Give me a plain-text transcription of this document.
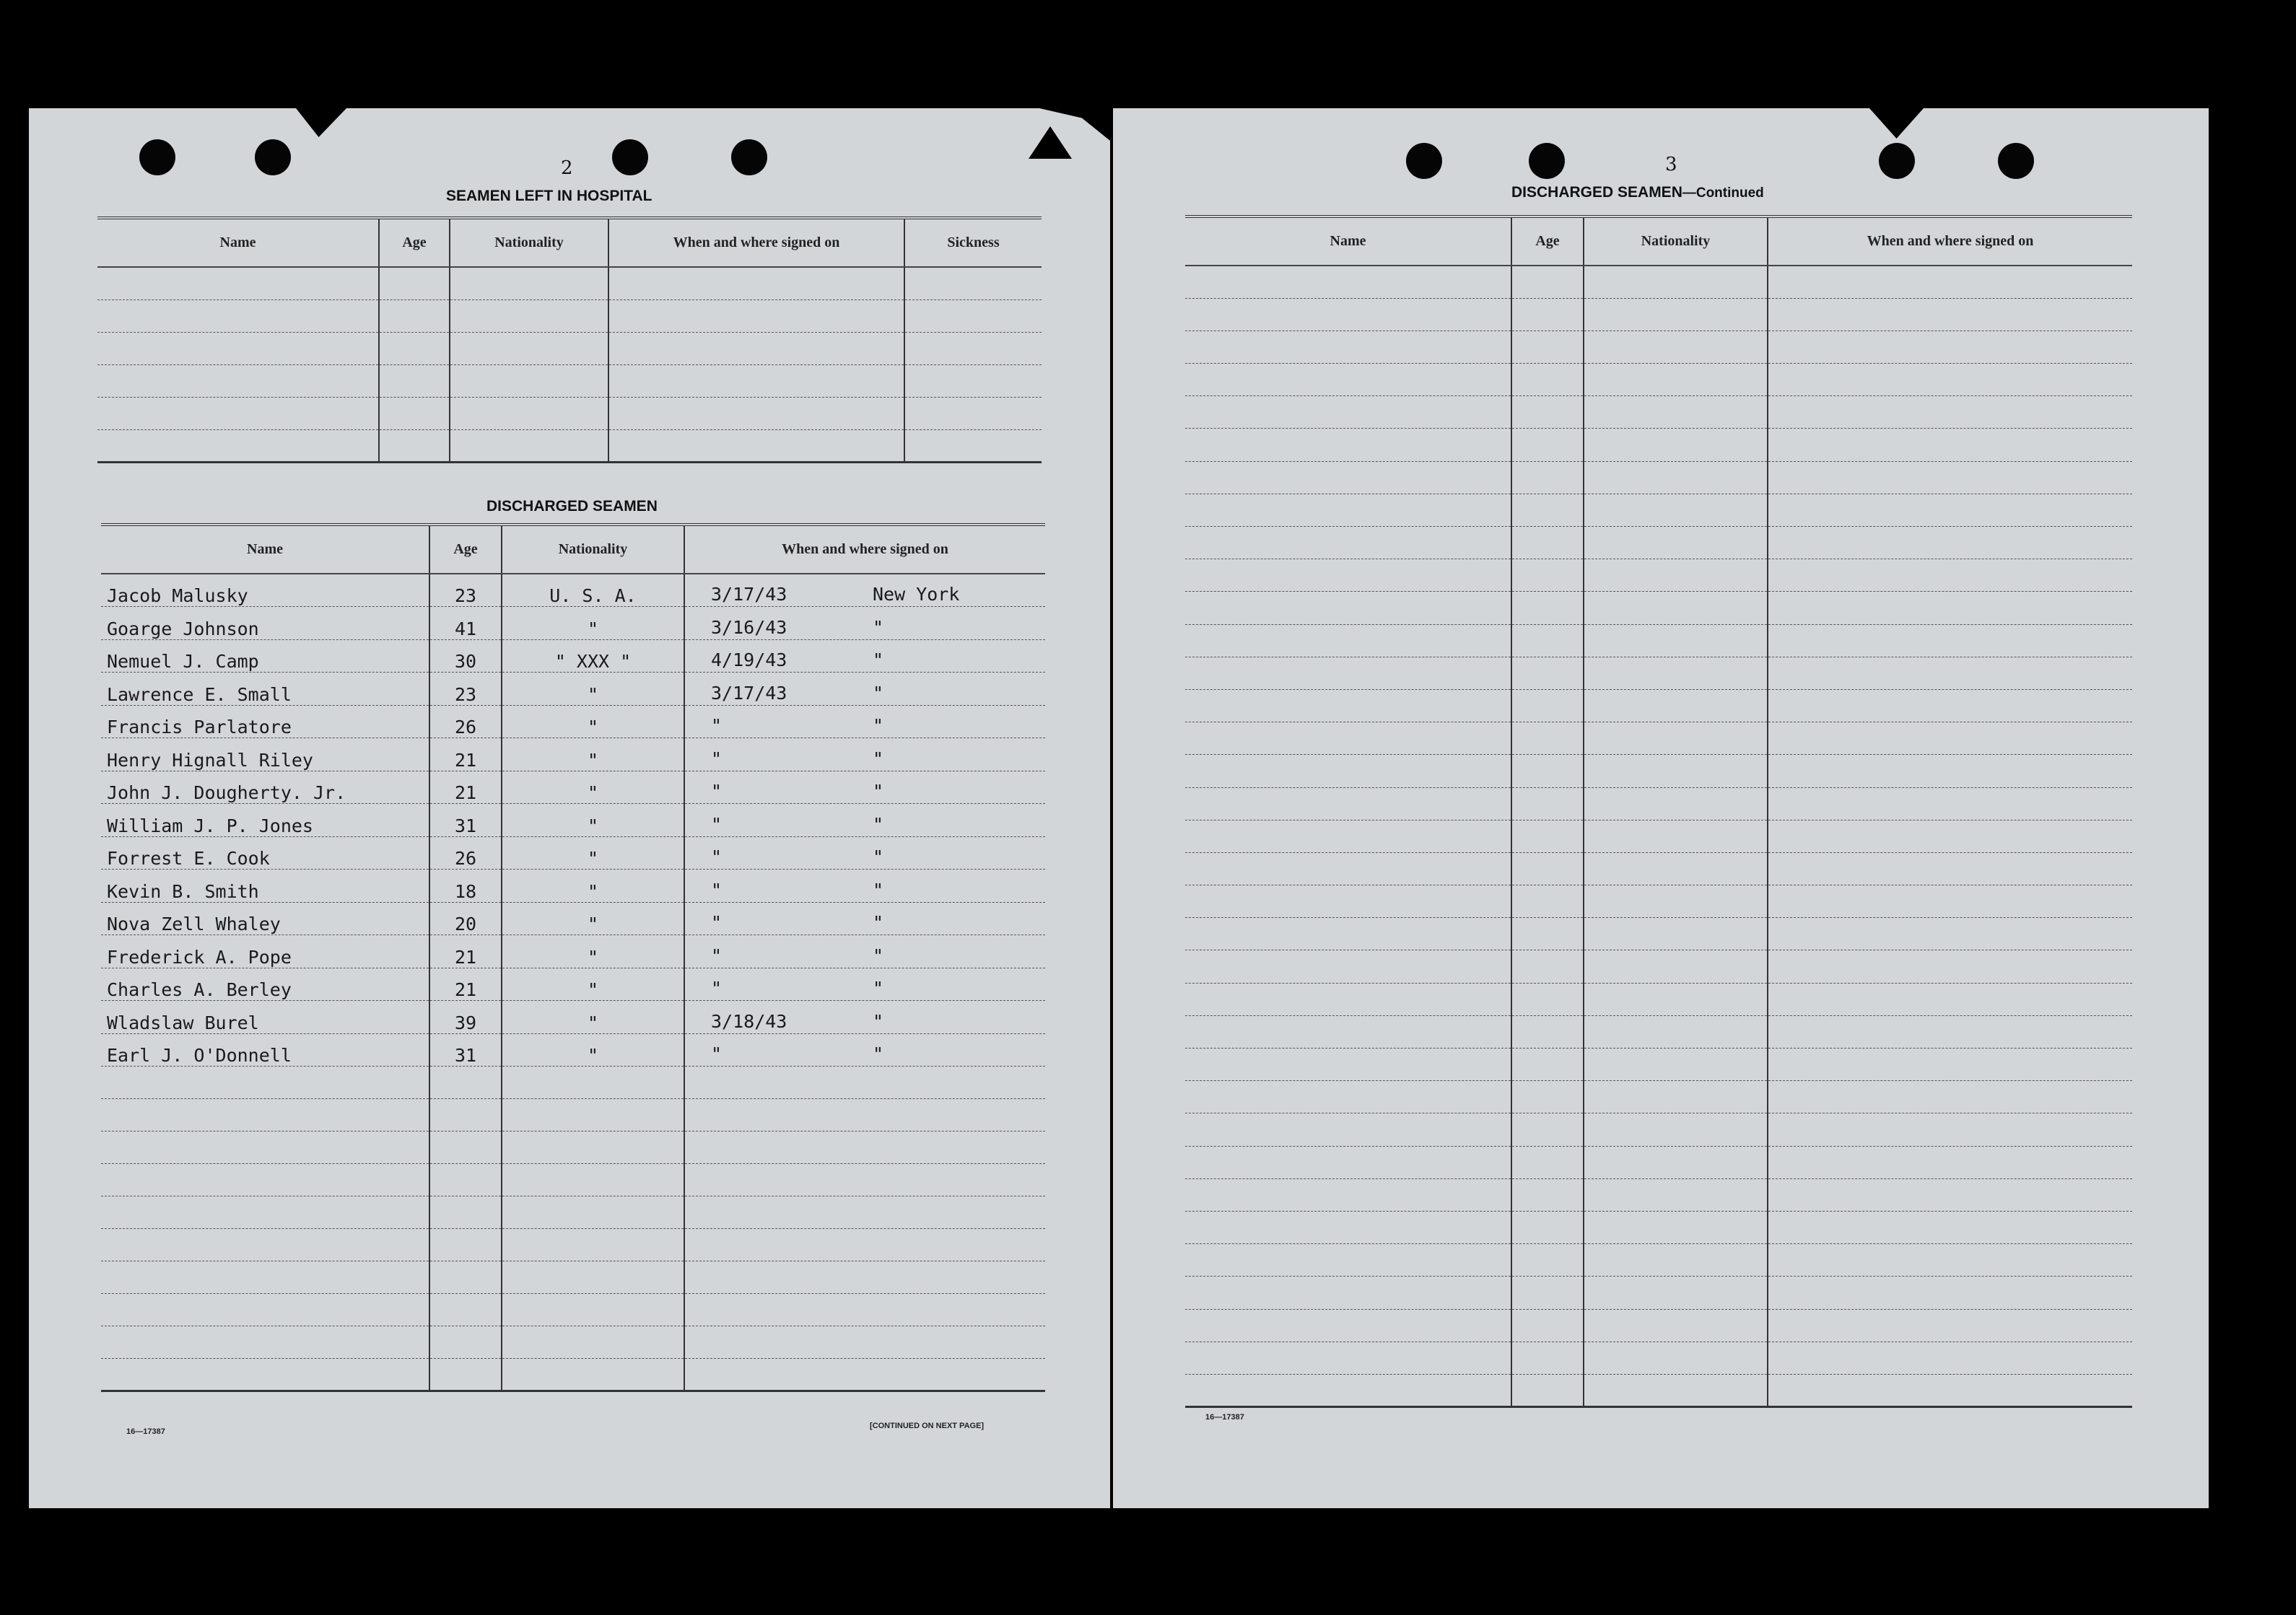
2
SEAMEN LEFT IN HOSPITAL
Name	Age	Nationality	When and where signed on	Sickness

DISCHARGED SEAMEN
Name	Age	Nationality	When and where signed on
Jacob Malusky	23	U. S. A.	3/17/43 New York

Goarge Johnson	41	"	3/16/43 "

Nemuel J. Camp	30	" XXX "	4/19/43 "

Lawrence E. Small	23	"	3/17/43 "

Francis Parlatore	26	"	" "

Henry Hignall Riley	21	"	" "

John J. Dougherty. Jr.	21	"	" "

William J. P. Jones	31	"	" "

Forrest E. Cook	26	"	" "

Kevin B. Smith	18	"	" "

Nova Zell Whaley	20	"	" "

Frederick A. Pope	21	"	" "

Charles A. Berley	21	"	" "

Wladslaw Burel	39	"	3/18/43 "

Earl J. O'Donnell	31	"	" "

16—17387
[CONTINUED ON NEXT PAGE]
3
DISCHARGED SEAMEN—Continued
Name	Age	Nationality	When and where signed on

16—17387
